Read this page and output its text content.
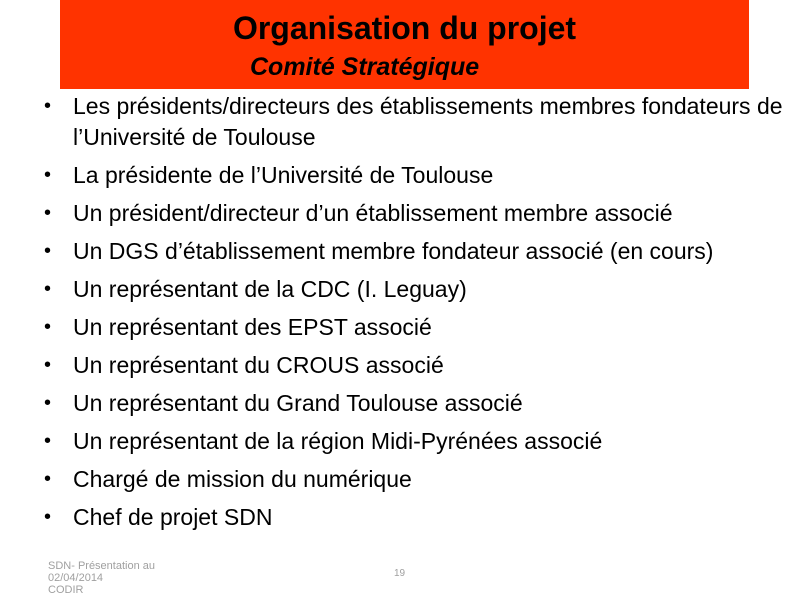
Organisation du projet
Comité Stratégique
• Les présidents/directeurs des établissements membres fondateurs de l’Université de Toulouse
• La présidente de l’Université de Toulouse
• Un président/directeur d’un établissement membre associé
• Un DGS d’établissement membre fondateur associé (en cours)
• Un représentant de la CDC (I. Leguay)
• Un représentant des EPST associé
• Un représentant du CROUS associé
• Un représentant du Grand Toulouse associé
• Un représentant de la région Midi-Pyrénées associé
• Chargé de mission du numérique
• Chef de projet SDN
SDN- Présentation au
02/04/2014
CODIR
19
